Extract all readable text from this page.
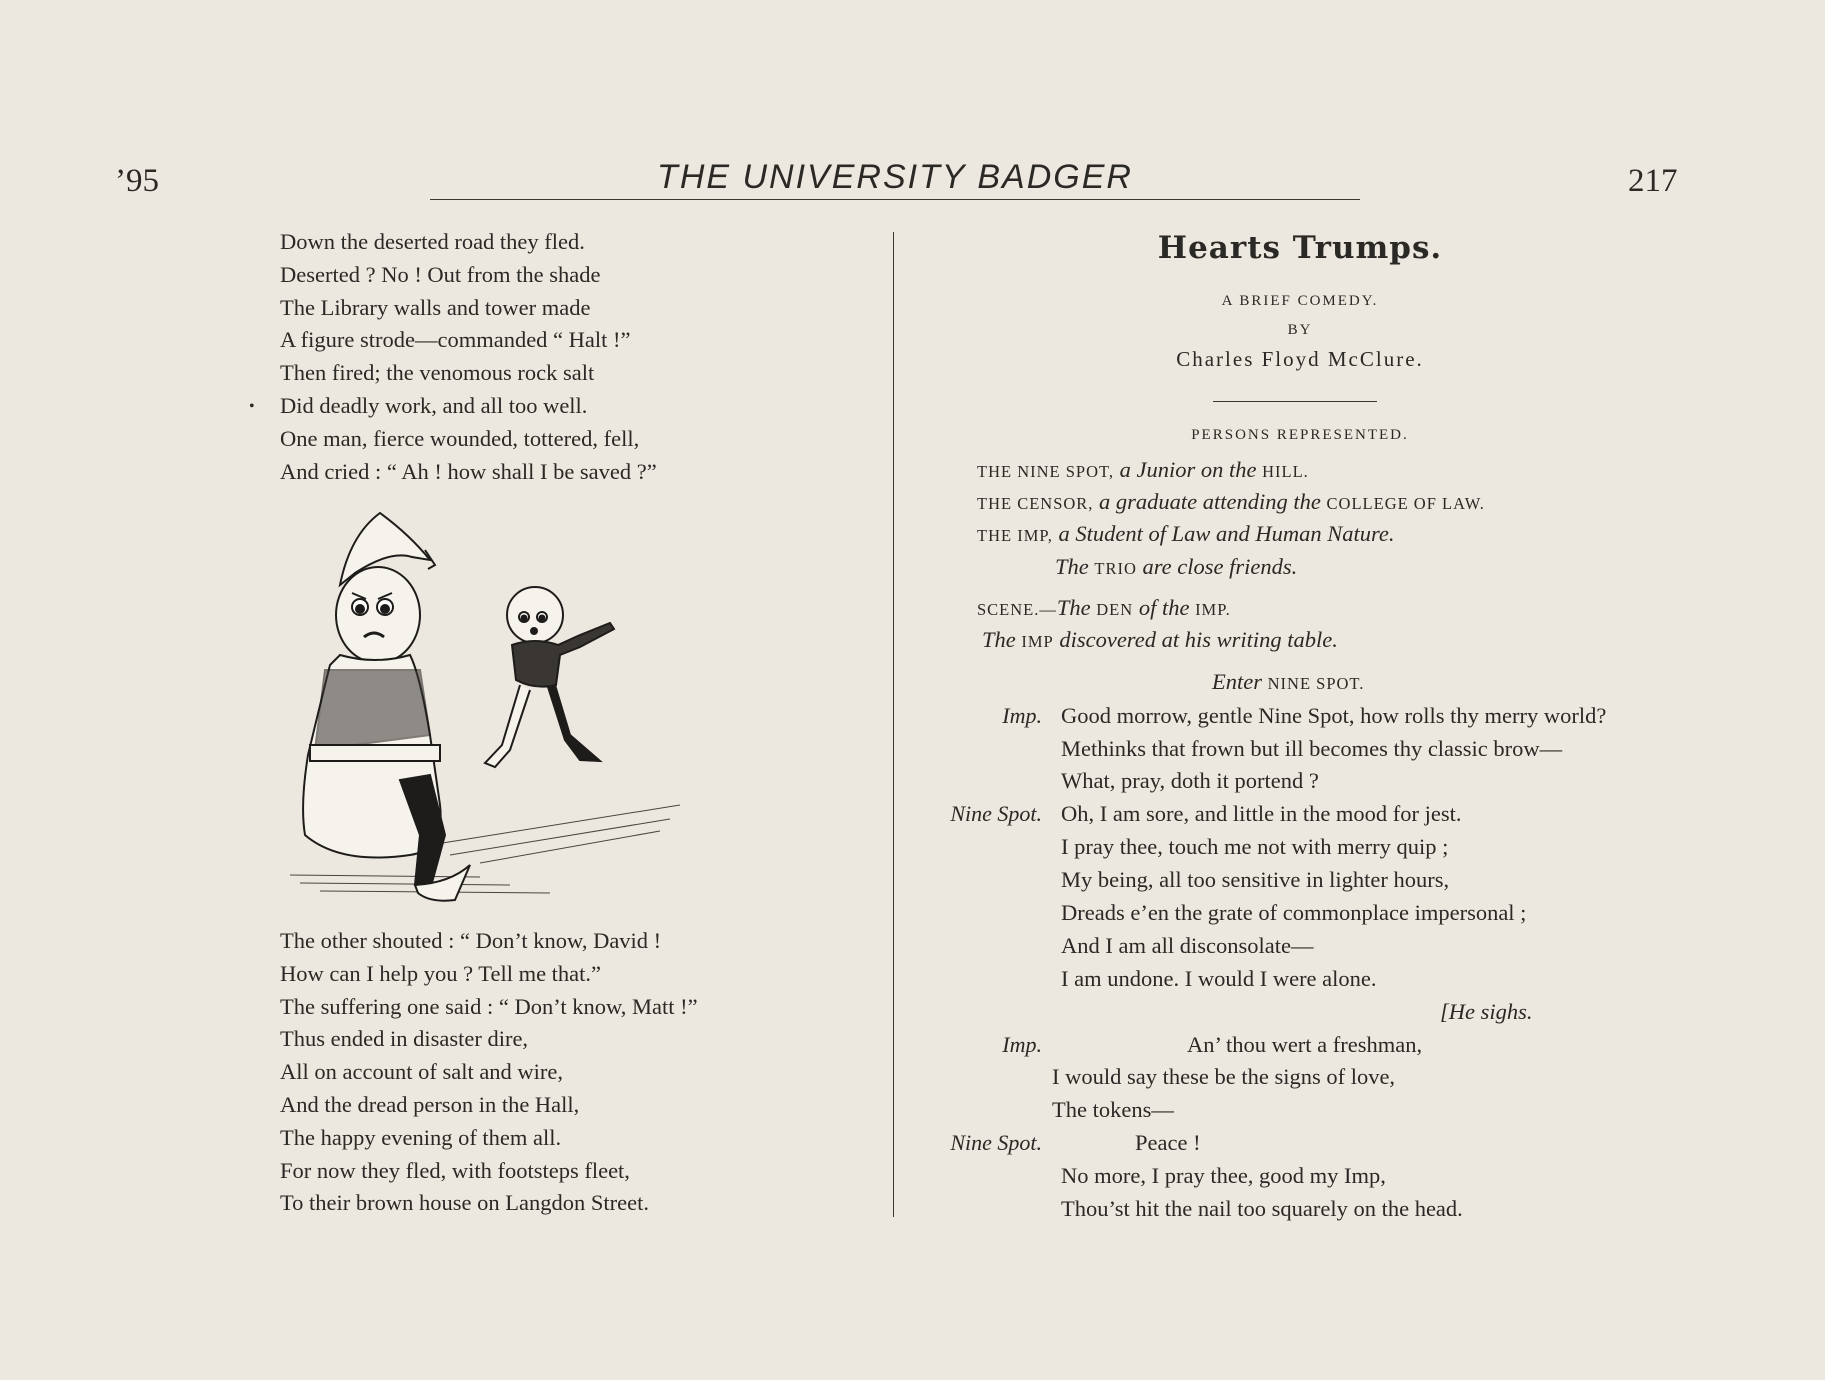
’95	THE UNIVERSITY BADGER	217
Down the deserted road they fled.
Deserted ? No ! Out from the shade
The Library walls and tower made
A figure strode—commanded “ Halt !”
Then fired; the venomous rock salt
Did deadly work, and all too well.
One man, fierce wounded, tottered, fell,
And cried : “ Ah ! how shall I be saved ?”
•
The other shouted : “ Don’t know, David !
How can I help you ? Tell me that.”
The suffering one said : “ Don’t know, Matt !”
Thus ended in disaster dire,
All on account of salt and wire,
And the dread person in the Hall,
The happy evening of them all.
For now they fled, with footsteps fleet,
To their brown house on Langdon Street.
Hearts Trumps.
A BRIEF COMEDY.
BY
Charles Floyd McClure.
PERSONS REPRESENTED.
THE NINE SPOT, a Junior on the HILL.
THE CENSOR, a graduate attending the COLLEGE OF LAW.
THE IMP, a Student of Law and Human Nature.
The TRIO are close friends.
SCENE.—The DEN of the IMP.
The IMP discovered at his writing table.
Enter NINE SPOT.
Imp. Good morrow, gentle Nine Spot, how rolls thy merry world?
Methinks that frown but ill becomes thy classic brow—
What, pray, doth it portend ?
Nine Spot. Oh, I am sore, and little in the mood for jest.
I pray thee, touch me not with merry quip ;
My being, all too sensitive in lighter hours,
Dreads e’en the grate of commonplace impersonal ;
And I am all disconsolate—
I am undone. I would I were alone.
[He sighs.
Imp.	An’ thou wert a freshman,
I would say these be the signs of love,
The tokens—
Nine Spot.	Peace !
No more, I pray thee, good my Imp,
Thou’st hit the nail too squarely on the head.
